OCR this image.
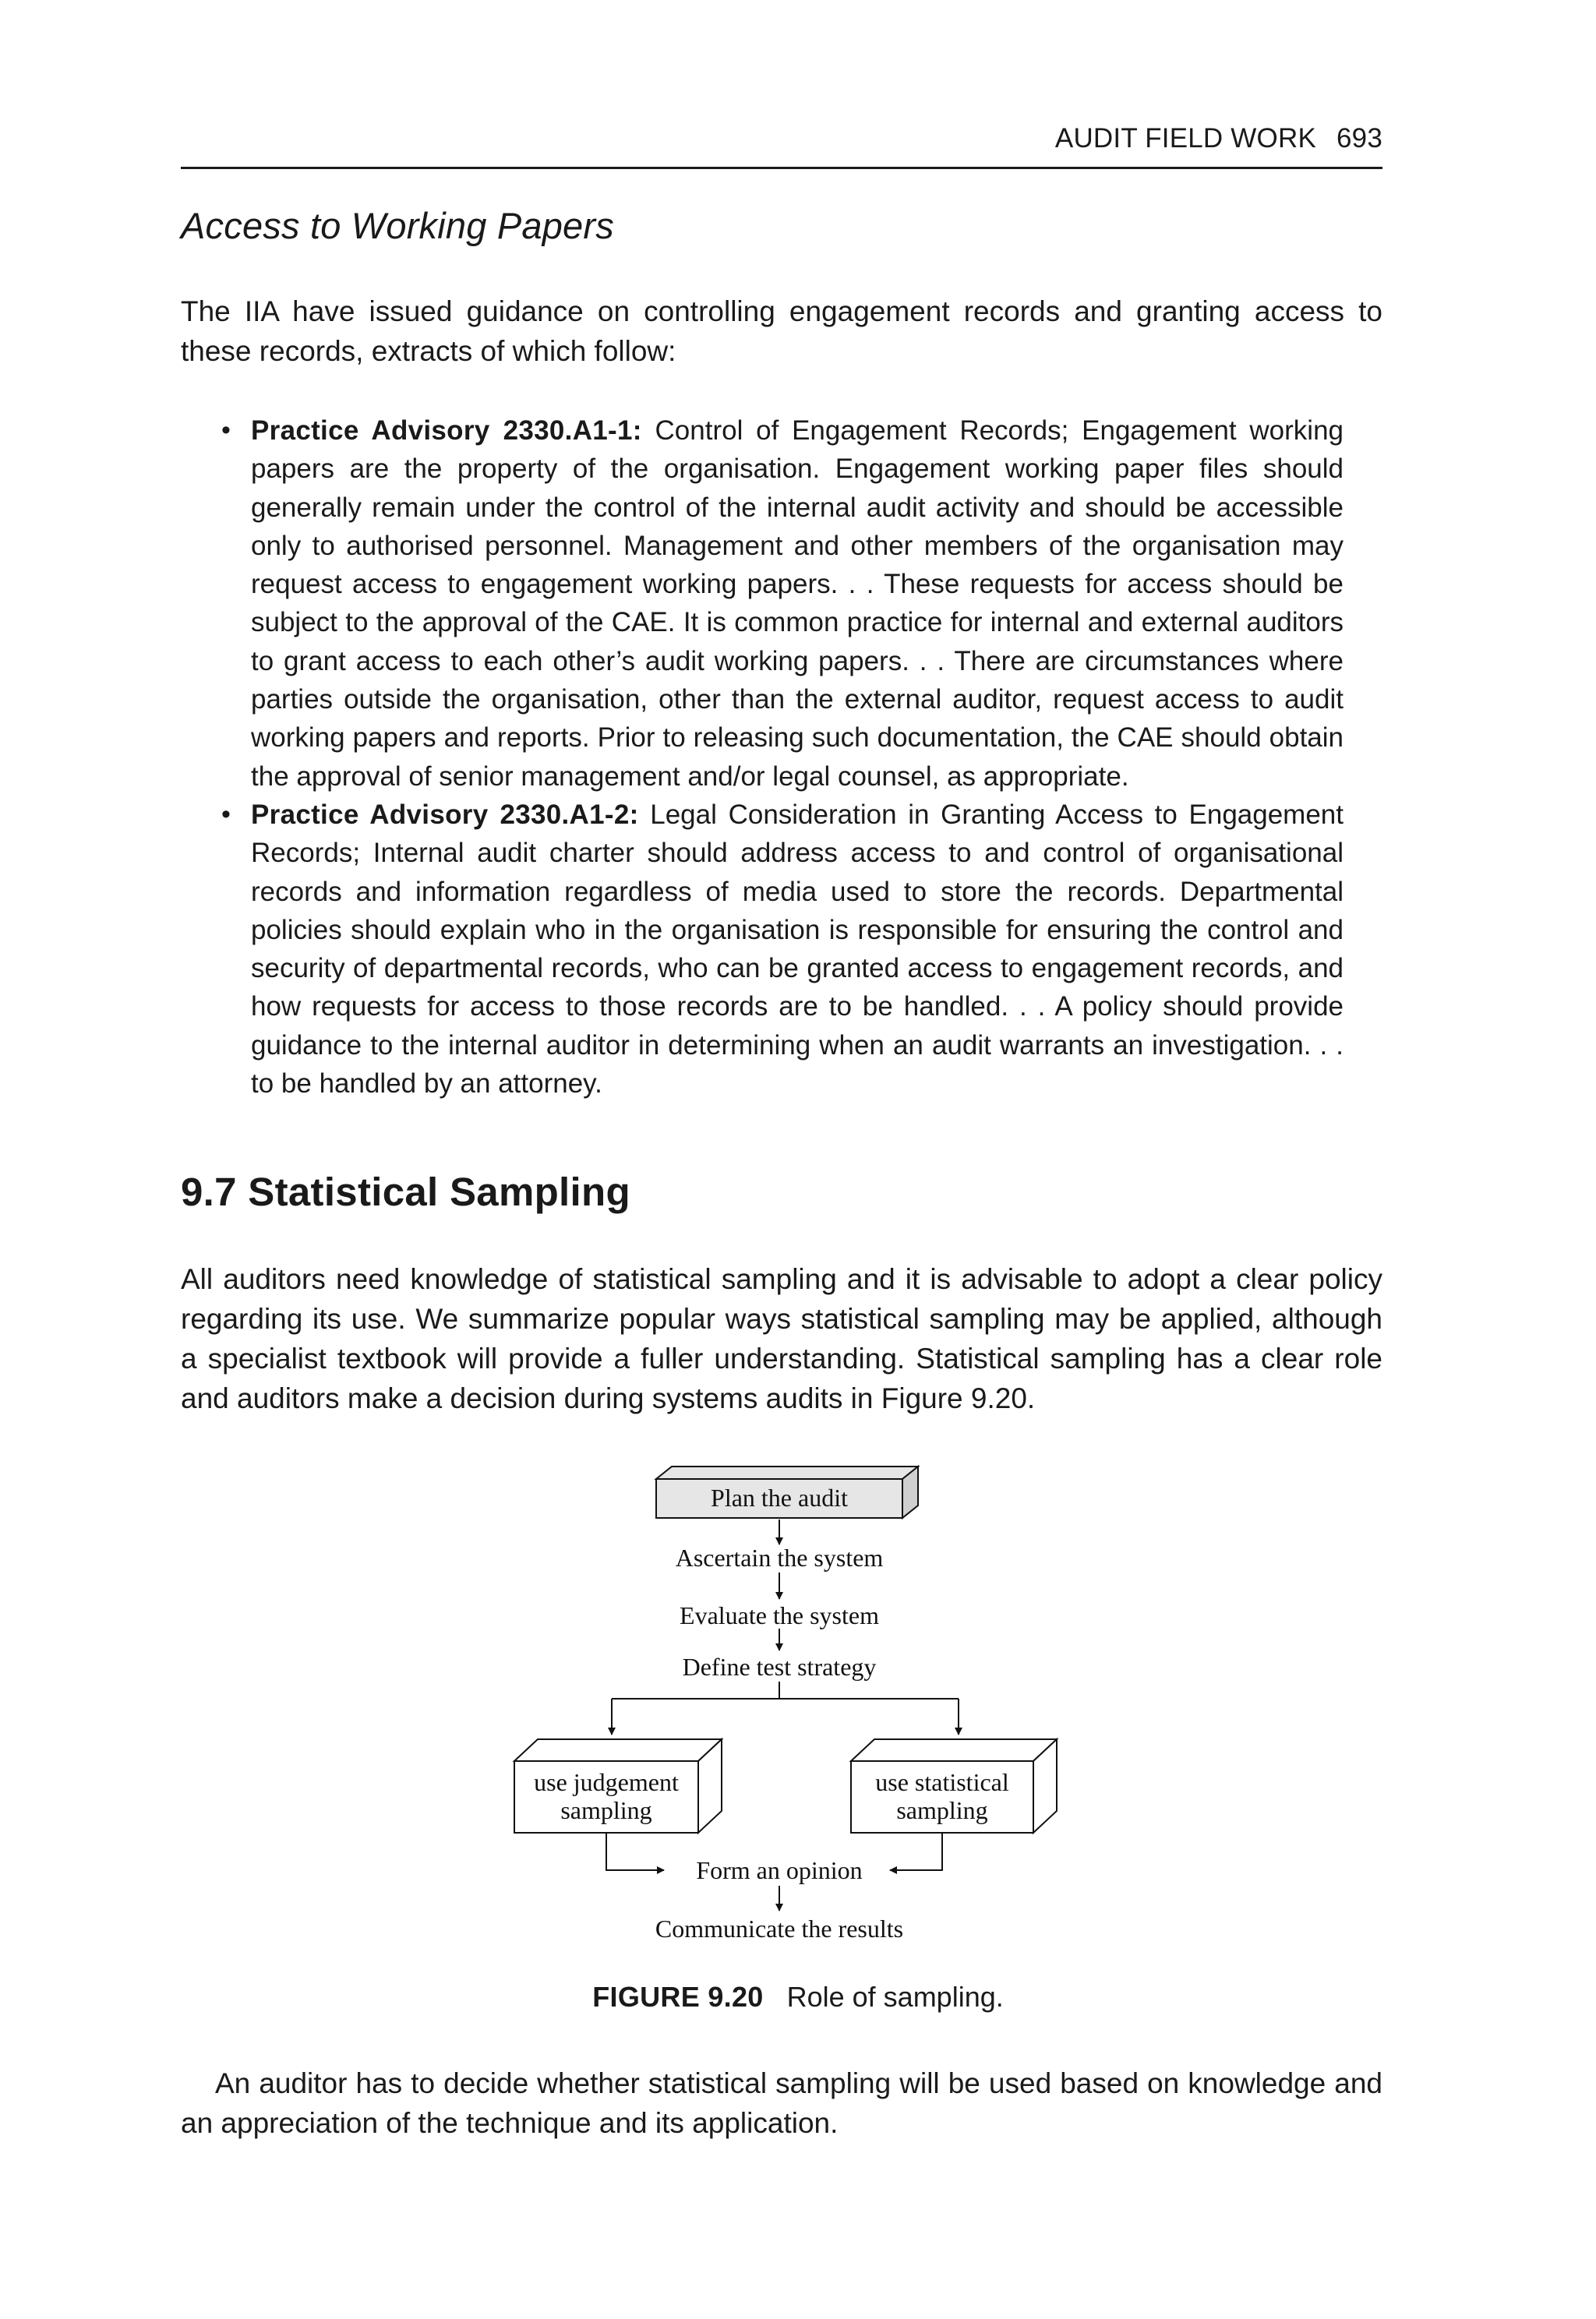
AUDIT FIELD WORK 693
Access to Working Papers
The IIA have issued guidance on controlling engagement records and granting access to these records, extracts of which follow:
• Practice Advisory 2330.A1-1: Control of Engagement Records; Engagement working papers are the property of the organisation. Engagement working paper files should generally remain under the control of the internal audit activity and should be accessible only to authorised personnel. Management and other members of the organisation may request access to engagement working papers. . . These requests for access should be subject to the approval of the CAE. It is common practice for internal and external auditors to grant access to each other’s audit working papers. . . There are circumstances where parties outside the organisation, other than the external auditor, request access to audit working papers and reports. Prior to releasing such documentation, the CAE should obtain the approval of senior management and/or legal counsel, as appropriate.
• Practice Advisory 2330.A1-2: Legal Consideration in Granting Access to Engagement Records; Internal audit charter should address access to and control of organisational records and information regardless of media used to store the records. Departmental policies should explain who in the organisation is responsible for ensuring the control and security of departmental records, who can be granted access to engagement records, and how requests for access to those records are to be handled. . . A policy should provide guidance to the internal auditor in determining when an audit warrants an investigation. . . to be handled by an attorney.
9.7 Statistical Sampling
All auditors need knowledge of statistical sampling and it is advisable to adopt a clear policy regarding its use. We summarize popular ways statistical sampling may be applied, although a specialist textbook will provide a fuller understanding. Statistical sampling has a clear role and auditors make a decision during systems audits in Figure 9.20.
Plan the audit
Ascertain the system
Evaluate the system
Define test strategy
use judgement
sampling
use statistical
sampling
Form an opinion
Communicate the results
FIGURE 9.20 Role of sampling.
An auditor has to decide whether statistical sampling will be used based on knowledge and an appreciation of the technique and its application.
